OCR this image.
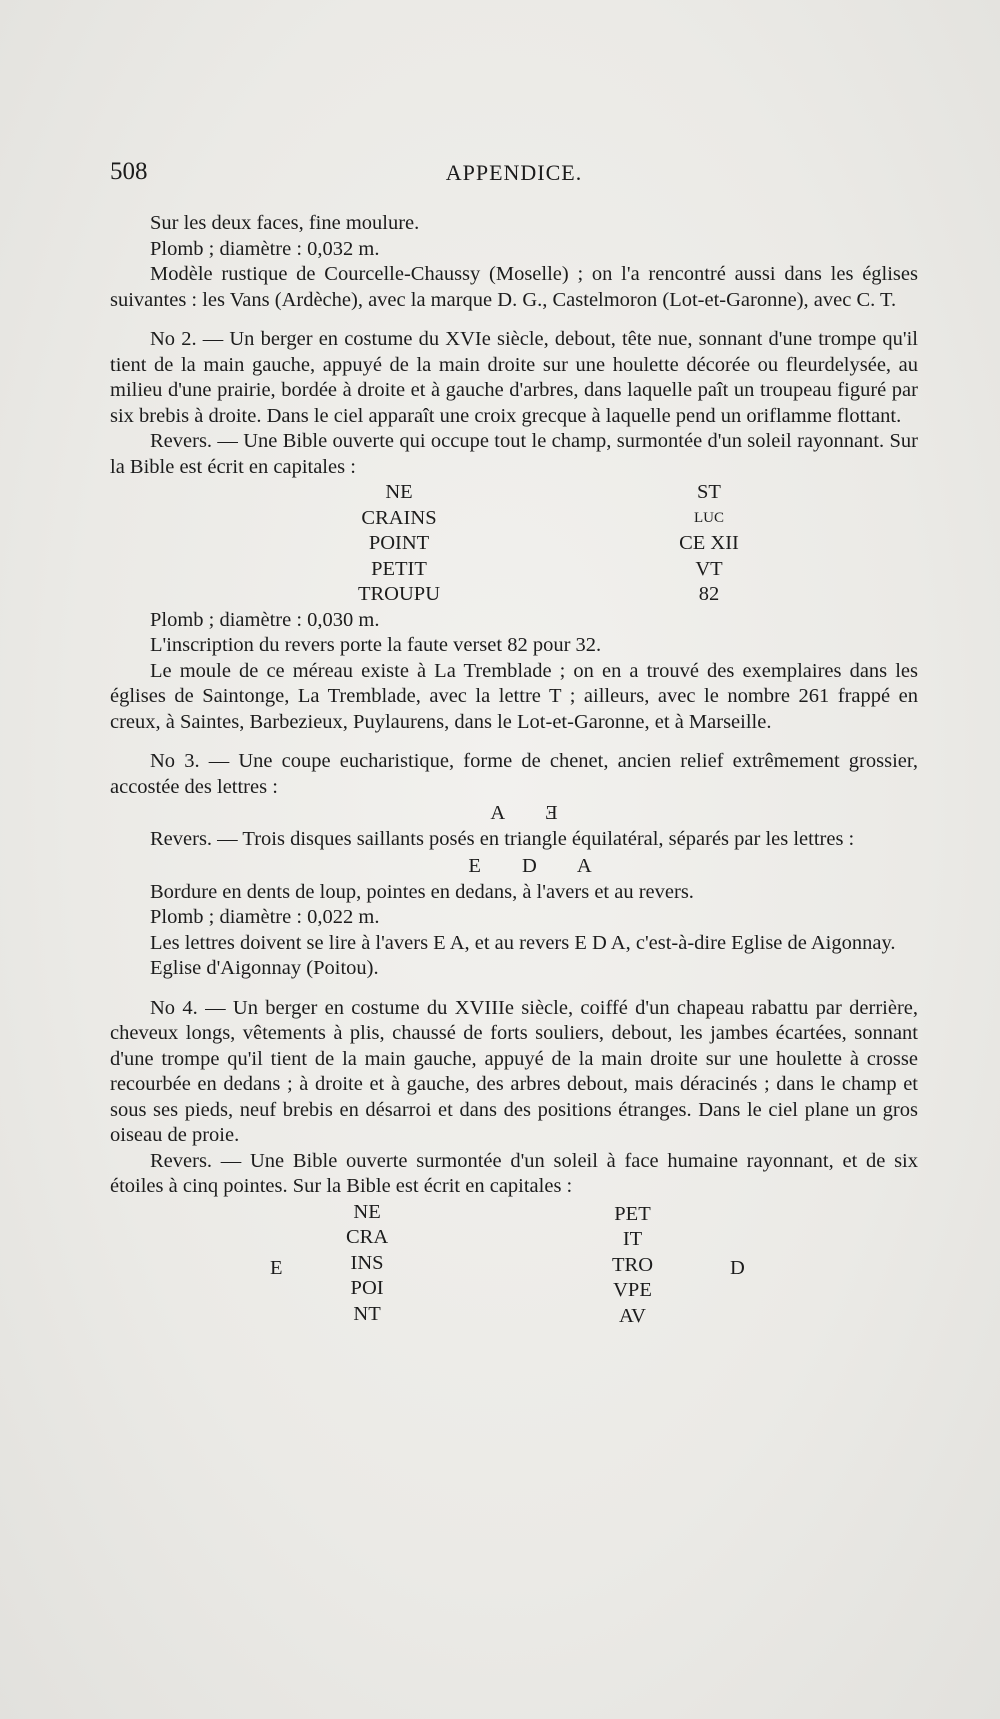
508	APPENDICE.

Sur les deux faces, fine moulure.

Plomb ; diamètre : 0,032 m.

Modèle rustique de Courcelle-Chaussy (Moselle) ; on l'a rencontré aussi dans les églises suivantes : les Vans (Ardèche), avec la marque D. G., Castelmoron (Lot-et-Garonne), avec C. T.

No 2. — Un berger en costume du XVIe siècle, debout, tête nue, sonnant d'une trompe qu'il tient de la main gauche, appuyé de la main droite sur une houlette décorée ou fleurdelysée, au milieu d'une prairie, bordée à droite et à gauche d'arbres, dans laquelle paît un troupeau figuré par six brebis à droite. Dans le ciel apparaît une croix grecque à laquelle pend un oriflamme flottant.

Revers. — Une Bible ouverte qui occupe tout le champ, surmontée d'un soleil rayonnant. Sur la Bible est écrit en capitales :

NE
CRAINS
POINT
PETIT
TROUPU
ST
LUC
CE XII
VT
82

Plomb ; diamètre : 0,030 m.

L'inscription du revers porte la faute verset 82 pour 32.

Le moule de ce méreau existe à La Tremblade ; on en a trouvé des exemplaires dans les églises de Saintonge, La Tremblade, avec la lettre T ; ailleurs, avec le nombre 261 frappé en creux, à Saintes, Barbezieux, Puylaurens, dans le Lot-et-Garonne, et à Marseille.

No 3. — Une coupe eucharistique, forme de chenet, ancien relief extrêmement grossier, accostée des lettres :

A Ǝ

Revers. — Trois disques saillants posés en triangle équilatéral, séparés par les lettres :

E D A

Bordure en dents de loup, pointes en dedans, à l'avers et au revers.

Plomb ; diamètre : 0,022 m.

Les lettres doivent se lire à l'avers E A, et au revers E D A, c'est-à-dire Eglise de Aigonnay.

Eglise d'Aigonnay (Poitou).

No 4. — Un berger en costume du XVIIIe siècle, coiffé d'un chapeau rabattu par derrière, cheveux longs, vêtements à plis, chaussé de forts souliers, debout, les jambes écartées, sonnant d'une trompe qu'il tient de la main gauche, appuyé de la main droite sur une houlette à crosse recourbée en dedans ; à droite et à gauche, des arbres debout, mais déracinés ; dans le champ et sous ses pieds, neuf brebis en désarroi et dans des positions étranges. Dans le ciel plane un gros oiseau de proie.

Revers. — Une Bible ouverte surmontée d'un soleil à face humaine rayonnant, et de six étoiles à cinq pointes. Sur la Bible est écrit en capitales :

E
NE
CRA
INS
POI
NT
PET
IT
TRO
VPE
AV
D
